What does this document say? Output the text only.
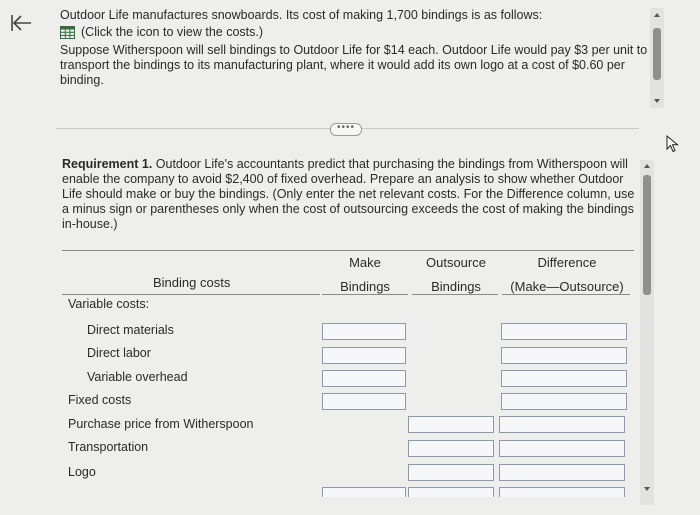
Outdoor Life manufactures snowboards. Its cost of making 1,700 bindings is as follows:

(Click the icon to view the costs.)

Suppose Witherspoon will sell bindings to Outdoor Life for $14 each. Outdoor Life would pay $3 per unit to transport the bindings to its manufacturing plant, where it would add its own logo at a cost of $0.60 per binding.

••••
Requirement 1. Outdoor Life's accountants predict that purchasing the bindings from Witherspoon will enable the company to avoid $2,400 of fixed overhead. Prepare an analysis to show whether Outdoor Life should make or buy the bindings. (Only enter the net relevant costs. For the Difference column, use a minus sign or parentheses only when the cost of outsourcing exceeds the cost of making the bindings in-house.)
Make
Bindings
Outsource
Bindings
Difference
(Make—Outsource)
Binding costs
Variable costs:
Direct materials
Direct labor
Variable overhead
Fixed costs
Purchase price from Witherspoon
Transportation
Logo
